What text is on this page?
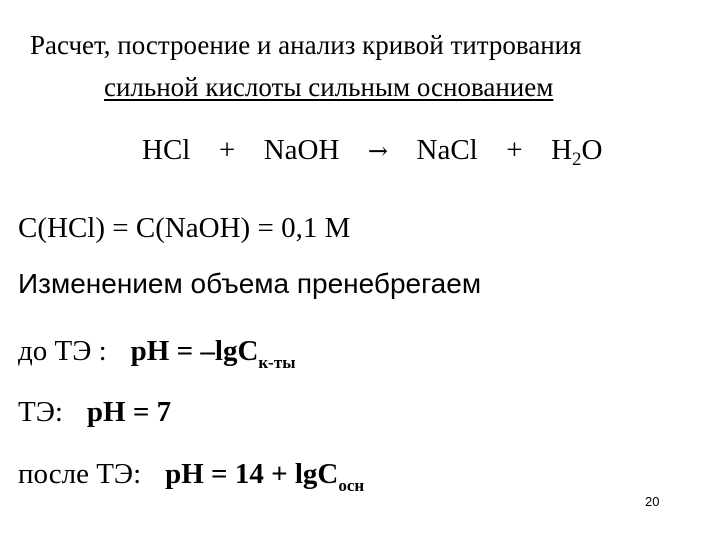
Расчет, построение и анализ кривой титрования
сильной кислоты сильным основанием
HCl + NaOH → NaCl + $H_2O$
C(HCl) = C(NaOH) = 0,1 M
Изменением объема пренебрегаем
до ТЭ : pH = –lgC$_{к-ты}$
ТЭ: pH = 7
после ТЭ: pH = 14 + lgC$_{осн}$
20
